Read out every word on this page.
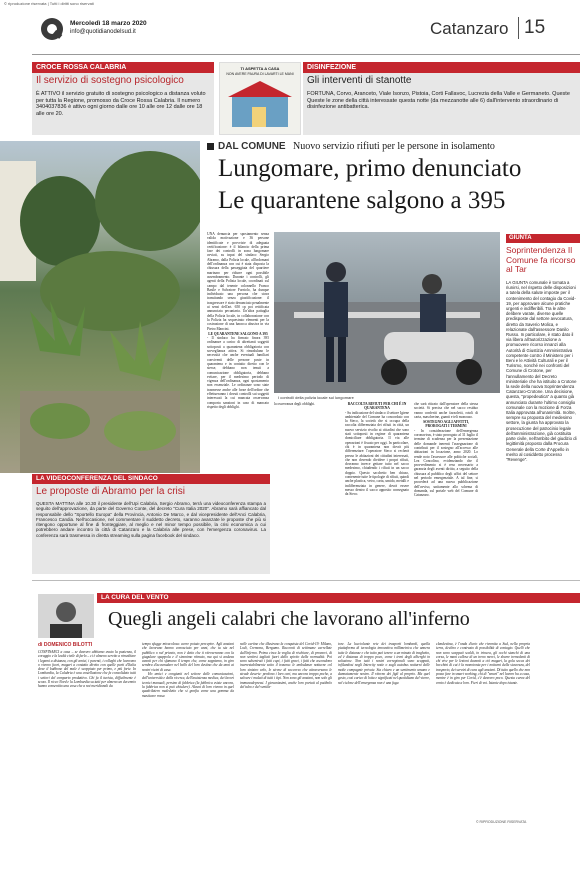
© riproduzione riservata | Tutti i diritti sono riservati
Mercoledì 18 marzo 2020
info@quotidianodelsud.it	Catanzaro 15
CROCE ROSSA CALABRIA
Il servizio di sostegno psicologico
È ATTIVO il servizio gratuito di sostegno psicologico a distanza voluto per tutta la Regione, promosso da Croce Rossa Calabria. Il numero 3404037836 è attivo ogni giorno dalle ore 10 alle ore 12 dalle ore 18 alle ore 20.
TI ASPETTA A CASA
NON AVERE PAURA DI LAVARTI LE MANI
DISINFEZIONE
Gli interventi di stanotte
FORTUNA, Corvo, Aranceto, Viale Isonzo, Pistoia, Corti Fallavoc, Lucrezia della Valle e Germaneto. Queste Queste le zone della città interessate questa notte (da mezzanotte alle 6) dall'intervento straordinario di disinfezione antibatterica.
DAL COMUNE Nuovo servizio rifiuti per le persone in isolamento
Lungomare, primo denunciato
Le quarantene salgono a 395

UNA denuncia per spostamento senza valida motivazione e 36 persone identificate e provviste di adeguata certificazione: è il bilancio della prima fase dei controlli in zona lungomare avviati, su input del sindaco Sergio Abramo, dalla Polizia locale, all'indomani dell'ordinanza con cui è stata disposta la chiusura della passeggiata del quartiere marinaro per ridurre ogni possibile assembramento. Durante i controlli, gli agenti della Polizia locale, coordinati sul campo dal tenente colonnello Franco Basile e Salvatore Furriolo, ha dunque individuato una persona che stava transitando senza giustificazione: il trasgressore è stato denunciato penalmente ai sensi dell'art. 650 cp poi rettificata annunciata pecuniaria. Un'altra pattuglia della Polizia locale, in collaborazione con la Polizia ha sequestrato elementi per la costruzione di una baracca abusiva in via Pietro Mancini.

LE QUARANTENE SALGONO A 395

- Il sindaco ha firmato finora 395 ordinanze a carico di altrettanti soggetti sottoposti a quarantena obbligatoria con sorveglianza attiva. Si rimodulano le necessità che anche eventuali familiari conviventi delle persone poste in quarantena e in contatto diretto con le stesse, debbano non tenuti a comunicazione obbligatoria, debbano evitare, per il medesimo periodo di vigenza dell'ordinanza, ogni spostamento non essenziale. Le ordinanze sono state trasmesse anche alle forze dell'ordine che effettueranno i dovuti controlli sui soggetti interessati la cui mancata osservanza comporta sanzioni in caso di mancato rispetto degli obblighi.

I controlli della polizia locale sul lungomare

la osservanza degli obblighi.	RACCOLTA RIFIUTI PER CHI È IN QUARANTENA

- Su indicazione del sindaco il settore Igiene ambientale del Comune ha concordato con la Sieco, la società che si occupa della raccolta differenziata dei rifiuti in città, un nuovo servizio rivolto ai cittadini che sono stati sottoposti in regime di quarantena domiciliare obbligatoria. Il via alle operazioni è fissato per oggi. In particolare, chi è in quarantena non dovrà più differenziare: l'operatore Sieco si recherà presso le abitazioni dei cittadini interessati, che non dovendo dividere i propri rifiuti, dovranno invece gettare tutto nel sacco medesimo, chiudendo i rifiuti in un sacco doppio. Questo sacchetto ben chiuso, contenente tutte le tipologie di rifiuti, quindi anche plastica, vetro, carta, umido, metalli e indifferenziata in genere, dovrà essere messo dentro il sacco apposito consegnato da Sieco.

che sarà ritirato dall'operatore della stessa società. Si precisa che nel sacco residuo vanno conferiti anche fazzoletti, rotoli di carta, mascherine, guanti e teli monouso.

SOSTEGNO AGLI AFFITTI, PROROGATI I TERMINI

- In considerazione dell'emergenza coronavirus, è stato prorogato al 31 luglio il termine di scadenza per la presentazione delle domande inerenti l'assegnazione di contributi per il sostegno all'accesso alle abitazioni in locazione, anno 2020. Lo rende noto l'assessore alle politiche sociali, Lea Concolino, evidenziando che il provvedimento si è reso necessario a garanzia degli aventi diritto, a seguito della chiusura al pubblico degli uffici del settore nel periodo emergenziale. A tal fine, si procederà ad una nuova pubblicazione dell'avviso, unitamente allo schema di domanda, sul portale web del Comune di Catanzaro.

GIUNTA
Soprintendenza Il Comune fa ricorso al Tar
LA GIUNTA comunale è tornata a riunirsi, nel rispetto delle disposizioni a tutela della salute imposte per il contenimento del contagio da Covid-19, per approvare alcune pratiche urgenti e indifferibili. Tra le altre delibere varate, diverse quelle predisposte dal settore avvocatura, diretto da Saverio Molica, e relazionate dall'assessore Danilo Russo. In particolare, è stato dato il via libera all'autorizzazione a promuovere ricorso innanzi alla Autorità di Giustizia Amministrativa competente contro il Ministero per i Beni e le Attività Culturali e per il Turismo, nonché nei confronti del Comune di Crotone, per l'annullamento del Decreto ministeriale che ha istituito a Crotone la sede della nuova Soprintendenza Catanzaro-Crotone. Una decisione, questa, "propedeutica" a quanto già annunciato durante l'ultimo consiglio comunale con la mozione di Forza Italia approvata all'unanimità. Inoltre, sempre su proposta del medesimo settore, la giunta ha approvato la prosecuzione del patrocinio legale dell'amministrazione, già costituita parte civile, nell'ambito del giudizio di legittimità proposto dalla Procura Generale della Corte d'Appello in merito al cosiddetto processo "Revenge".
LA VIDEOCONFERENZA DEL SINDACO
Le proposte di Abramo per la crisi
QUESTA MATTINA alle 10.30 il presidente dell'Upi Calabria, Sergio Abramo, terrà una videoconferenza stampa a seguito dell'approvazione, da parte del Governo Conte, del decreto "Cura Italia 2020". Abramo sarà affiancato dal responsabile dello "Sportello Europa" della Provincia, Antonio De Marco, e dal vicepresidente dell'Anci Calabria, Francesco Candia. Nell'occasione, nel commentare il suddetto decreto, saranno avanzate le proposte che più si ritengono opportune al fine di fronteggiare, al meglio e nel minor tempo possibile, la crisi economica a cui potrebbero andare incontro la città di Catanzaro e la Calabria alle prese, con l'emergenza coronavirus. La conferenza sarà trasmessa in diretta streaming sulla pagina facebook del sindaco.
LA CURA DEL VENTO
Quegli angeli calabri che lavorano all'inferno
di DOMENICO BILOTTI

CONFINARCI a casa – se davvero abbiamo avuto la pazienza, il coraggio e la lealtà civile di farlo – ci è almeno servito a rimeditare i legami a distanza, con gli amici, i parenti, i colleghi che lavorano o vivono fuori, magari a contatto diretto con quelle parti d'Italia dove il bubbone del male è scoppiato per primo, e più forte. In Lombardia, la Calabria è una costellazione che fa consolidato tutti i settori del comparto produttivo. Chi fa il turista, difficilmente è scoso. Il ricco Nord e la Lombardia su tutti per almeno un decennio hanno consentito una cosa che a noi meridionali da

tempo sfugge miracolosa: avere potuto percepire. Agli anziani che lavorano hanno conosciuto per anni, che tu sia nel pubblico o nel privato, non è detto che ti ritroveranno con la giugulare spappola e il sinonimo ritmato, ma qui si andava avanti per chi sfamano il tempo che, come sappiamo, in giro sembra d'accumulare nel bello del loro destino che da anni ai nostri vicini di casa.

Ho amici e congiunti nel settore delle comunicazioni, dell'università e della ricerca, dell'assistenza medica, dei lavori tecnici manuali, persino di fabbrica (la fabbrica esiste ancora, la fabbrica non si può chiudere). Alcuni di loro vivono in quel quadrilatero maledetto che si gonfia come una gomma da masticare rossa

nelle cartine che illustrano la conquista del Covid-19: Milano, Lodi, Cremona, Bergamo. Racconti di settimane carrellate dall'inferno. Prima circa la voglia di rischiare, di provarci, di non sentirsi tagliati fuori dallo spirito della normalità. Poi sono subentrati i fatti cupi, i fatti gravi, i fatti che ascondono inarrestabilmente sotto il trauma: le ambulanze notturne col loro sinistro urlo, le sirene di soccorso che attraversano le strade deserte: perdono i loro cari, ma ancora troppo poche, a salvare i malati di tutti i tipi. Non sono gli anziani, non solo gli immunodepressi. I giovanissimi, anche loro portati al patibolo del tubo e del ventila-

tore. La lucciolante rete dei trasporti lombardi, quella piattaforma di tecnologia innovativa millimetrica che annera tutte le distanze e che tutto può tenere a un minuto di traghetto, ed è distanza di troppo poco, come i treni degli alberghi in soluzione. Non tutti i nostri corregionali sono scappati, infilandosi negli Intercity notte o sugli autobus notturni delle molte compagnie private. Sta chiaro e un sentimento umano e dannatamente nostro. Il ritorno dei figli al proprio. Ma quel gesto, così carico di lotta e significati nel quotidiano del vivere, nel ciclone dell'emergenza non è una fuga

clandestina, è l'onda d'urto che rivomita a Sud, nella propria terra, declino e contrasto di possibilità di contagio. Quelli che non sono scappati scaldi, in trincea, gli occhi stanchi di una corsa, le mani callose di un treno merci, le sbarre tremolanti di chi vive per le lezioni davanti a ciò magari, la gola secca dei becchini di cui è la monotonia per i notturni della sicurezza, del trasporto, dei servizi di cura agli anziani. Di tutto quello che non posso fare in smart working, chi di "smart" nel lavoro ha a casa, mentre è in giro per Covid, c'è davvero poco. Questa curva del vento è dedicata a loro. Fieri di voi. Istante dopo istante.

© RIPRODUZIONE RISERVATA
